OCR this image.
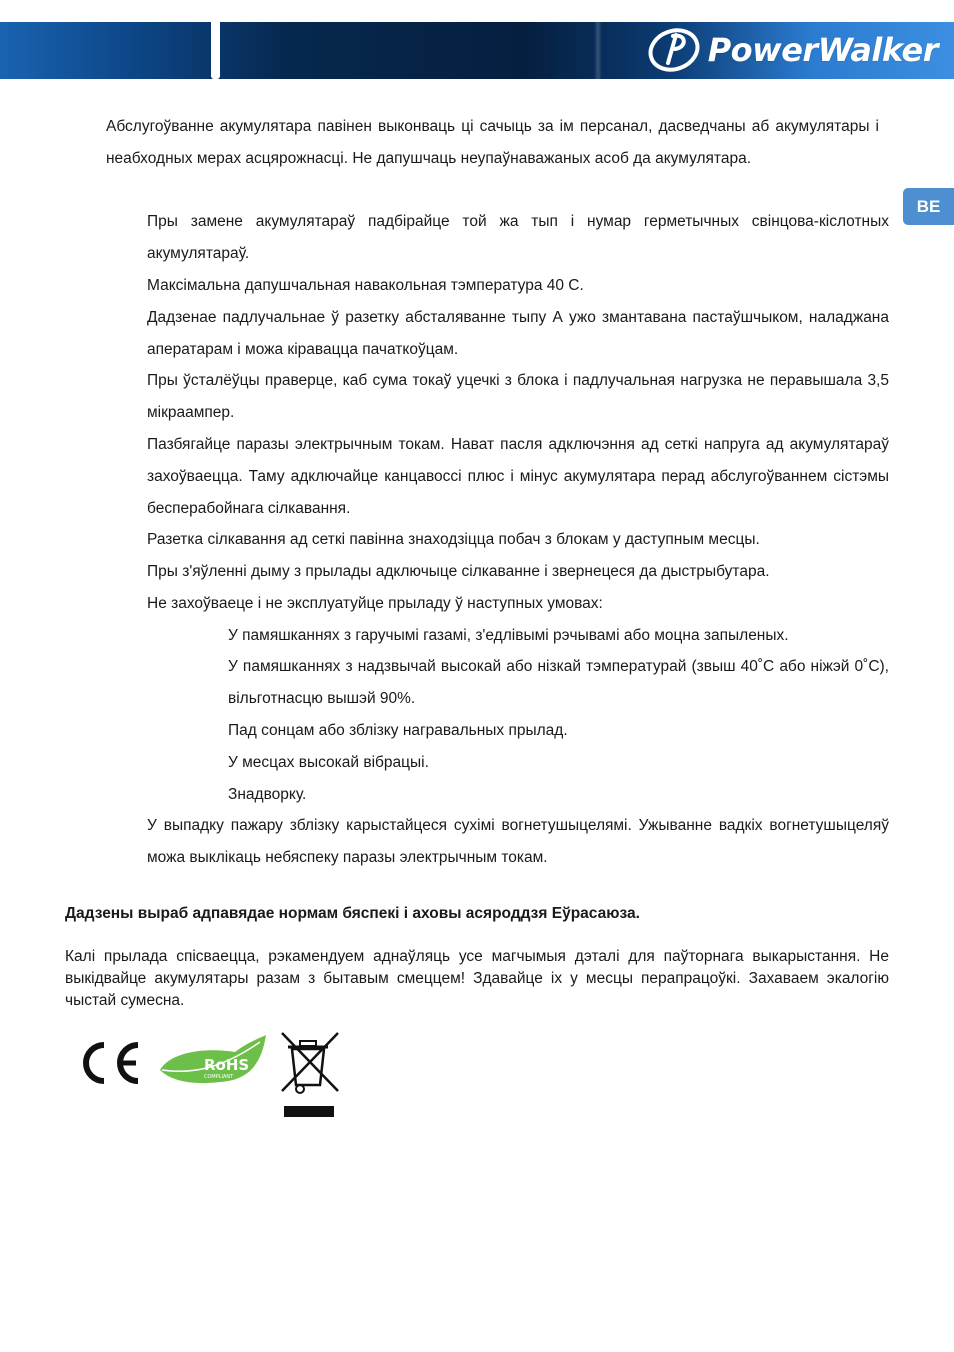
PowerWalker
BE
Абслугоўванне акумулятара павінен выконваць ці сачыць за ім персанал, дасведчаны аб акумулятары і неабходных мерах асцярожнасці. Не дапушчаць неупаўнаважаных асоб да акумулятара.
Пры замене акумулятараў падбірайце той жа тып і нумар герметычных свінцова-кіслотных акумулятараў.
Максімальна дапушчальная навакольная тэмпература 40 C.
Дадзенае падлучальнае ў разетку абсталяванне тыпу А ужо змантавана пастаўшчыком, наладжана аператарам і можа кіравацца пачаткоўцам.
Пры ўсталёўцы праверце, каб сума токаў уцечкі з блока і падлучальная нагрузка не перавышала 3,5 мікраампер.
Пазбягайце паразы электрычным токам. Нават пасля адключэння ад сеткі напруга ад акумулятараў захоўваецца. Таму адключайце канцавоссі плюс і мінус акумулятара перад абслугоўваннем сістэмы бесперабойнага сілкавання.
Разетка сілкавання ад сеткі павінна знаходзіцца побач з блокам у даступным месцы.
Пры з'яўленні дыму з прылады адключыце сілкаванне і звернецеся да дыстрыбутара.
Не захоўваеце і не эксплуатуйце прыладу ў наступных умовах:
У памяшканнях з гаручымі газамі, з'едлівымі рэчывамі або моцна запыленых.
У памяшканнях з надзвычай высокай або нізкай тэмпературай (звыш 40˚C або ніжэй 0˚C), вільготнасцю вышэй 90%.
Пад сонцам або зблізку награвальных прылад.
У месцах высокай вібрацыі.
Знадворку.
У выпадку пажару зблізку карыстайцеся сухімі вогнетушыцелямі. Ужыванне вадкіх вогнетушыцеляў можа выклікаць небяспеку паразы электрычным токам.
Дадзены выраб адпавядае нормам бяспекі і аховы асяроддзя Еўрасаюза.
Калі прылада спісваецца, рэкамендуем аднаўляць усе магчымыя дэталі для паўторнага выкарыстання. Не выкідвайце акумулятары разам з бытавым смеццем! Здавайце іх у месцы перапрацоўкі. Захаваем экалогію чыстай сумесна.
RoHS
COMPLIANT
